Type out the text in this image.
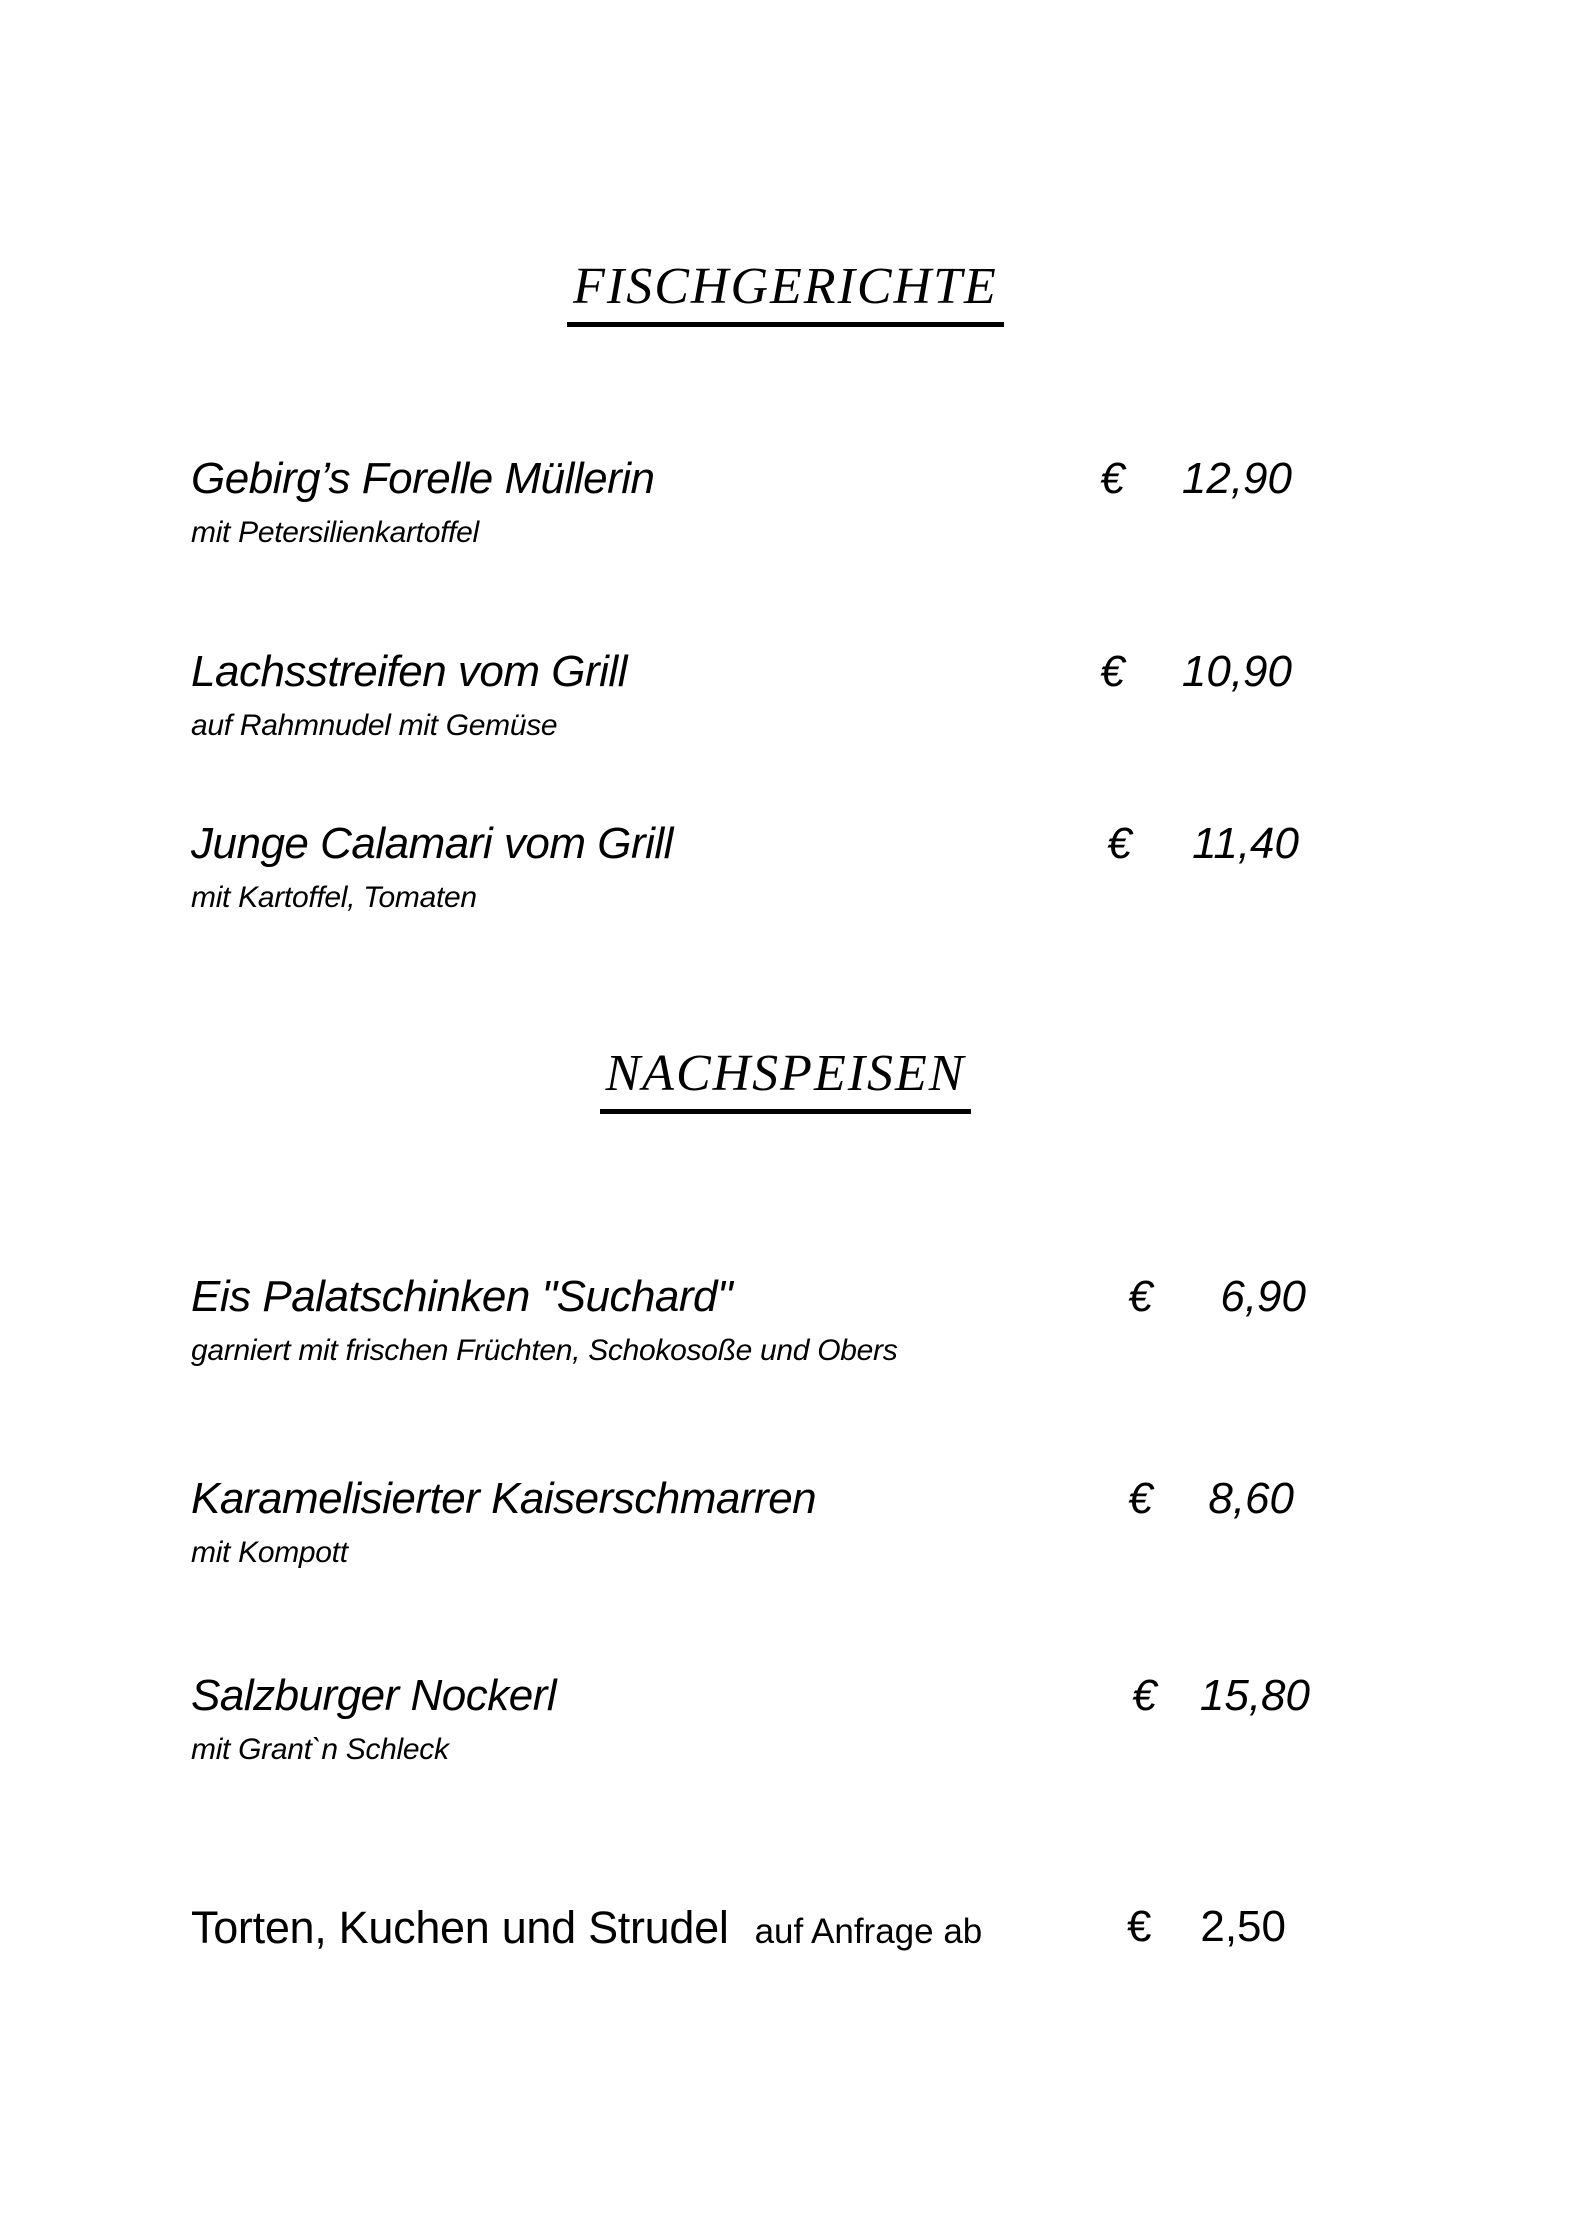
FISCHGERICHTE
Gebirg’s Forelle Müllerin
mit Petersilienkartoffel
€ 12,90
Lachsstreifen vom Grill
auf Rahmnudel mit Gemüse
€ 10,90
Junge Calamari vom Grill
mit Kartoffel, Tomaten
€ 11,40
NACHSPEISEN
Eis Palatschinken "Suchard"
garniert mit frischen Früchten, Schokosoße und Obers
€ 6,90
Karamelisierter Kaiserschmarren
mit Kompott
€ 8,60
Salzburger Nockerl
mit Grant`n Schleck
€ 15,80
Torten, Kuchen und Strudel auf Anfrage ab	€ 2,50
